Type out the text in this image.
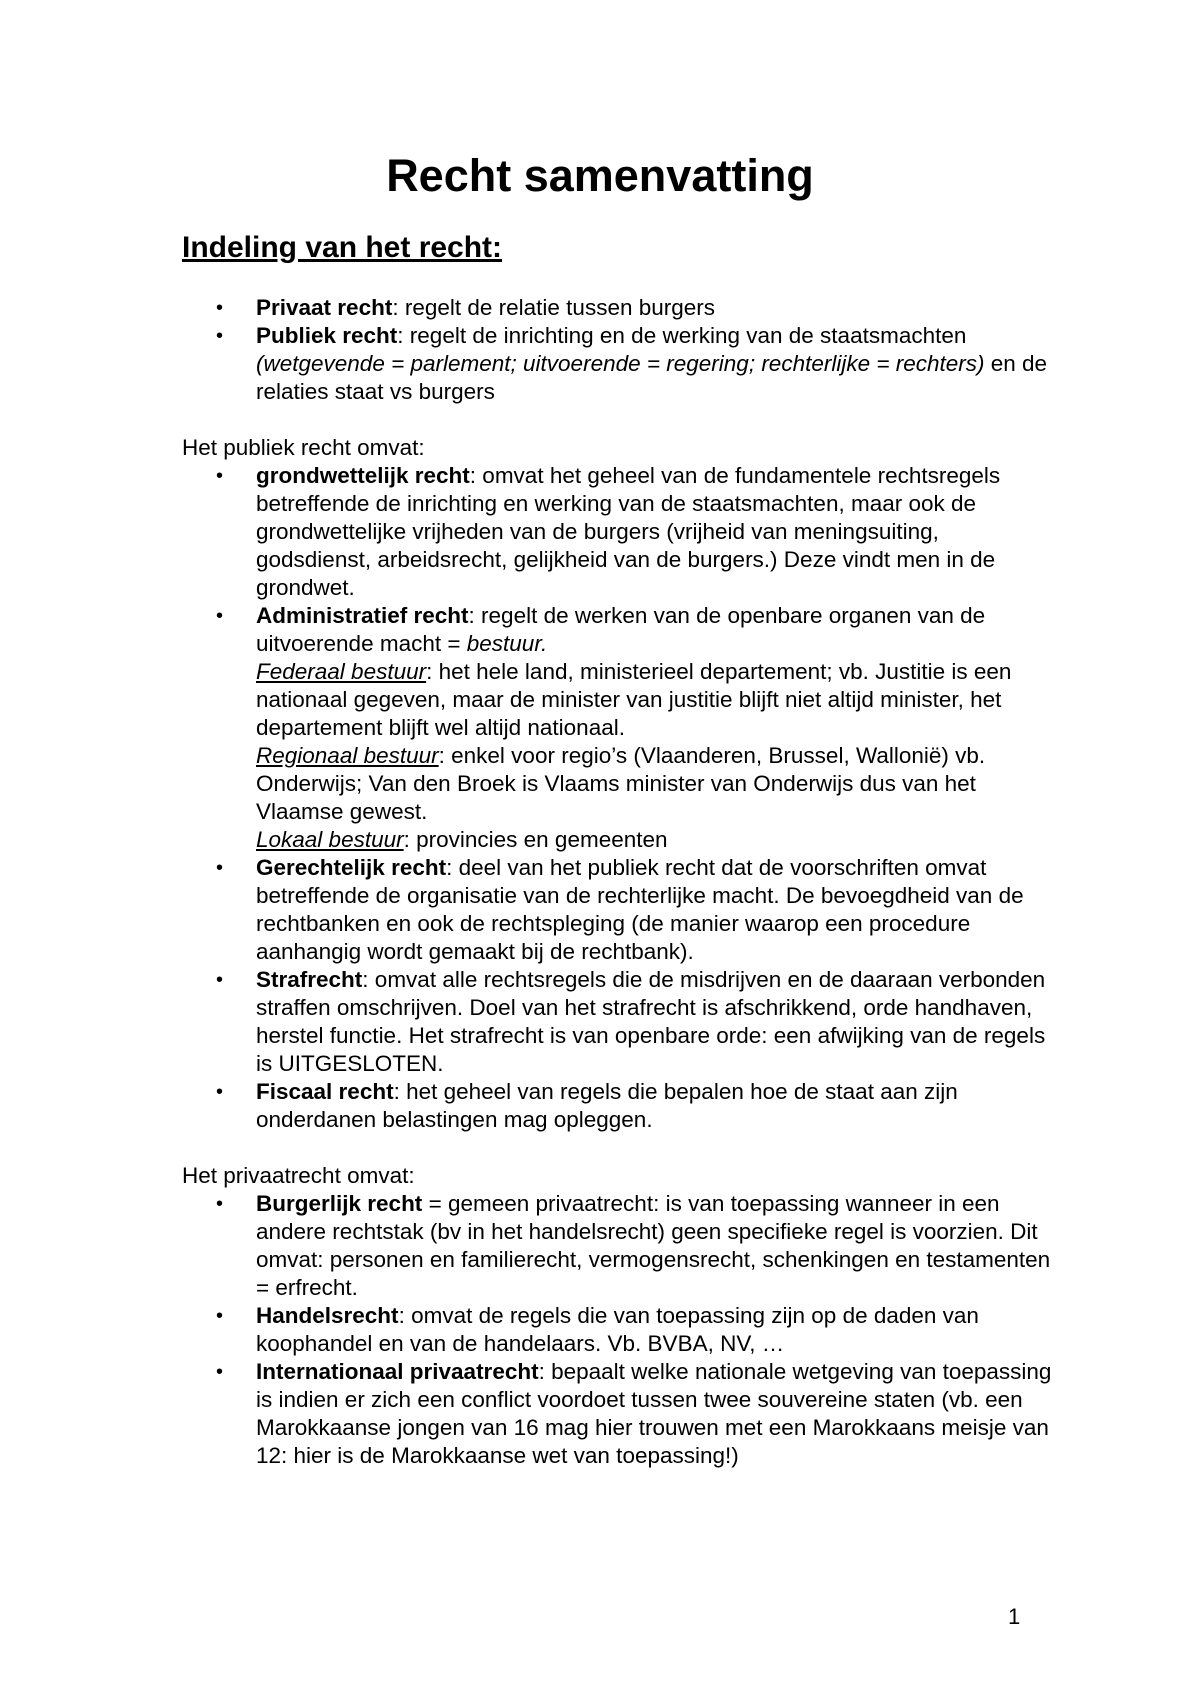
Recht samenvatting
Indeling van het recht:
• Privaat recht: regelt de relatie tussen burgers
• Publiek recht: regelt de inrichting en de werking van de staatsmachten (wetgevende = parlement; uitvoerende = regering; rechterlijke = rechters) en de relaties staat vs burgers

Het publiek recht omvat:

• grondwettelijk recht: omvat het geheel van de fundamentele rechtsregels betreffende de inrichting en werking van de staatsmachten, maar ook de grondwettelijke vrijheden van de burgers (vrijheid van meningsuiting, godsdienst, arbeidsrecht, gelijkheid van de burgers.) Deze vindt men in de grondwet.
• Administratief recht: regelt de werken van de openbare organen van de uitvoerende macht = bestuur.
Federaal bestuur: het hele land, ministerieel departement; vb. Justitie is een nationaal gegeven, maar de minister van justitie blijft niet altijd minister, het departement blijft wel altijd nationaal.
Regionaal bestuur: enkel voor regio’s (Vlaanderen, Brussel, Wallonië) vb. Onderwijs; Van den Broek is Vlaams minister van Onderwijs dus van het Vlaamse gewest.
Lokaal bestuur: provincies en gemeenten
• Gerechtelijk recht: deel van het publiek recht dat de voorschriften omvat betreffende de organisatie van de rechterlijke macht. De bevoegdheid van de rechtbanken en ook de rechtspleging (de manier waarop een procedure aanhangig wordt gemaakt bij de rechtbank).
• Strafrecht: omvat alle rechtsregels die de misdrijven en de daaraan verbonden straffen omschrijven. Doel van het strafrecht is afschrikkend, orde handhaven, herstel functie. Het strafrecht is van openbare orde: een afwijking van de regels is UITGESLOTEN.
• Fiscaal recht: het geheel van regels die bepalen hoe de staat aan zijn onderdanen belastingen mag opleggen.

Het privaatrecht omvat:

• Burgerlijk recht = gemeen privaatrecht: is van toepassing wanneer in een andere rechtstak (bv in het handelsrecht) geen specifieke regel is voorzien. Dit omvat: personen en familierecht, vermogensrecht, schenkingen en testamenten = erfrecht.
• Handelsrecht: omvat de regels die van toepassing zijn op de daden van koophandel en van de handelaars. Vb. BVBA, NV, …
• Internationaal privaatrecht: bepaalt welke nationale wetgeving van toepassing is indien er zich een conflict voordoet tussen twee souvereine staten (vb. een Marokkaanse jongen van 16 mag hier trouwen met een Marokkaans meisje van 12: hier is de Marokkaanse wet van toepassing!)
1
